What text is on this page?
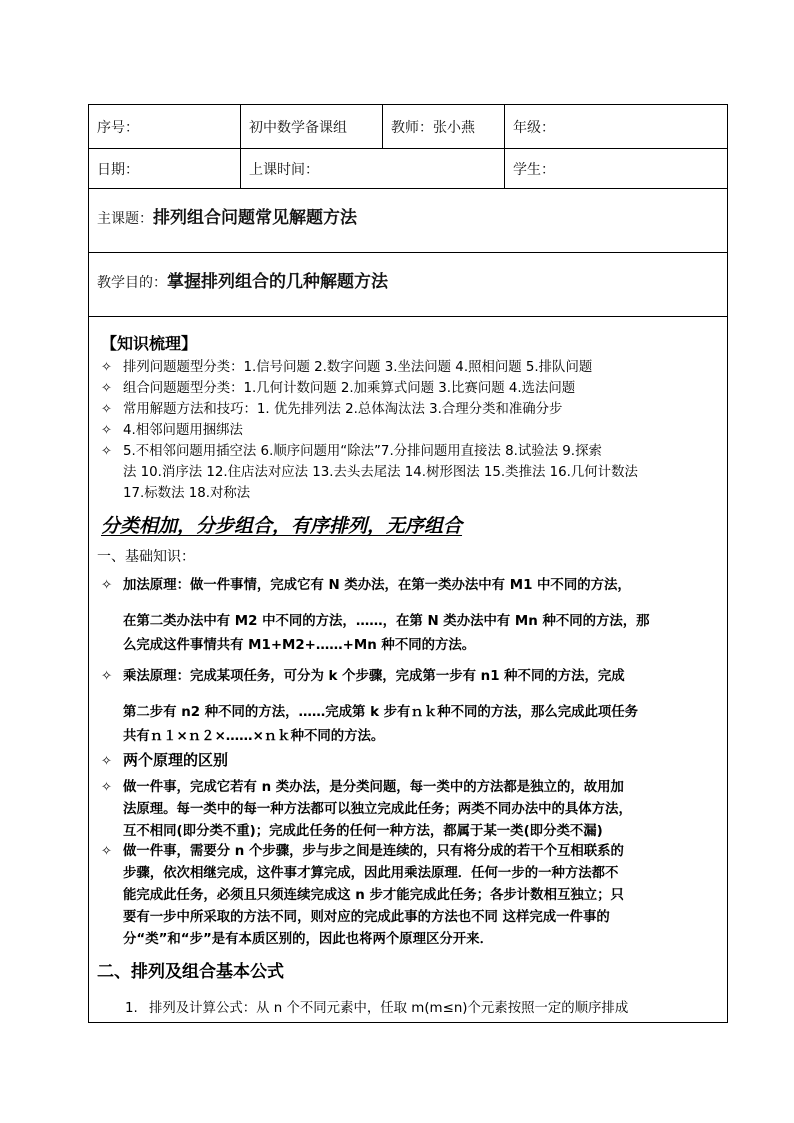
序号：	初中数学备课组	教师：张小燕	年级：
日期：	上课时间：	学生：
主课题：排列组合问题常见解题方法
教学目的：掌握排列组合的几种解题方法
【知识梳理】
✧ 排列问题题型分类：1.信号问题 2.数字问题 3.坐法问题 4.照相问题 5.排队问题
✧ 组合问题题型分类：1.几何计数问题 2.加乘算式问题 3.比赛问题 4.选法问题
✧ 常用解题方法和技巧：1. 优先排列法 2.总体淘汰法 3.合理分类和准确分步
✧ 4.相邻问题用捆绑法
✧ 5.不相邻问题用插空法 6.顺序问题用“除法”7.分排问题用直接法 8.试验法 9.探索
法 10.消序法 12.住店法对应法 13.去头去尾法 14.树形图法 15.类推法 16.几何计数法
17.标数法 18.对称法
分类相加，分步组合，有序排列，无序组合
一、基础知识：
✧ 加法原理：做一件事情，完成它有 N 类办法，在第一类办法中有 M1 中不同的方法，
在第二类办法中有 M2 中不同的方法，……，在第 N 类办法中有 Mn 种不同的方法，那
么完成这件事情共有 M1+M2+……+Mn 种不同的方法。
✧ 乘法原理：完成某项任务，可分为 k 个步骤，完成第一步有 n1 种不同的方法，完成
第二步有 n2 种不同的方法，……完成第 k 步有ｎｋ种不同的方法，那么完成此项任务
共有ｎ１×ｎ２×……×ｎｋ种不同的方法。
✧ 两个原理的区别
✧ 做一件事，完成它若有 n 类办法，是分类问题，每一类中的方法都是独立的，故用加
法原理。每一类中的每一种方法都可以独立完成此任务；两类不同办法中的具体方法，
互不相同(即分类不重)；完成此任务的任何一种方法，都属于某一类(即分类不漏)
✧ 做一件事，需要分 n 个步骤，步与步之间是连续的，只有将分成的若干个互相联系的
步骤，依次相继完成，这件事才算完成，因此用乘法原理．任何一步的一种方法都不
能完成此任务，必须且只须连续完成这 n 步才能完成此任务；各步计数相互独立；只
要有一步中所采取的方法不同，则对应的完成此事的方法也不同 这样完成一件事的
分“类”和“步”是有本质区别的，因此也将两个原理区分开来．
二、排列及组合基本公式
1. 排列及计算公式：从 n 个不同元素中，任取 m(m≤n)个元素按照一定的顺序排成
